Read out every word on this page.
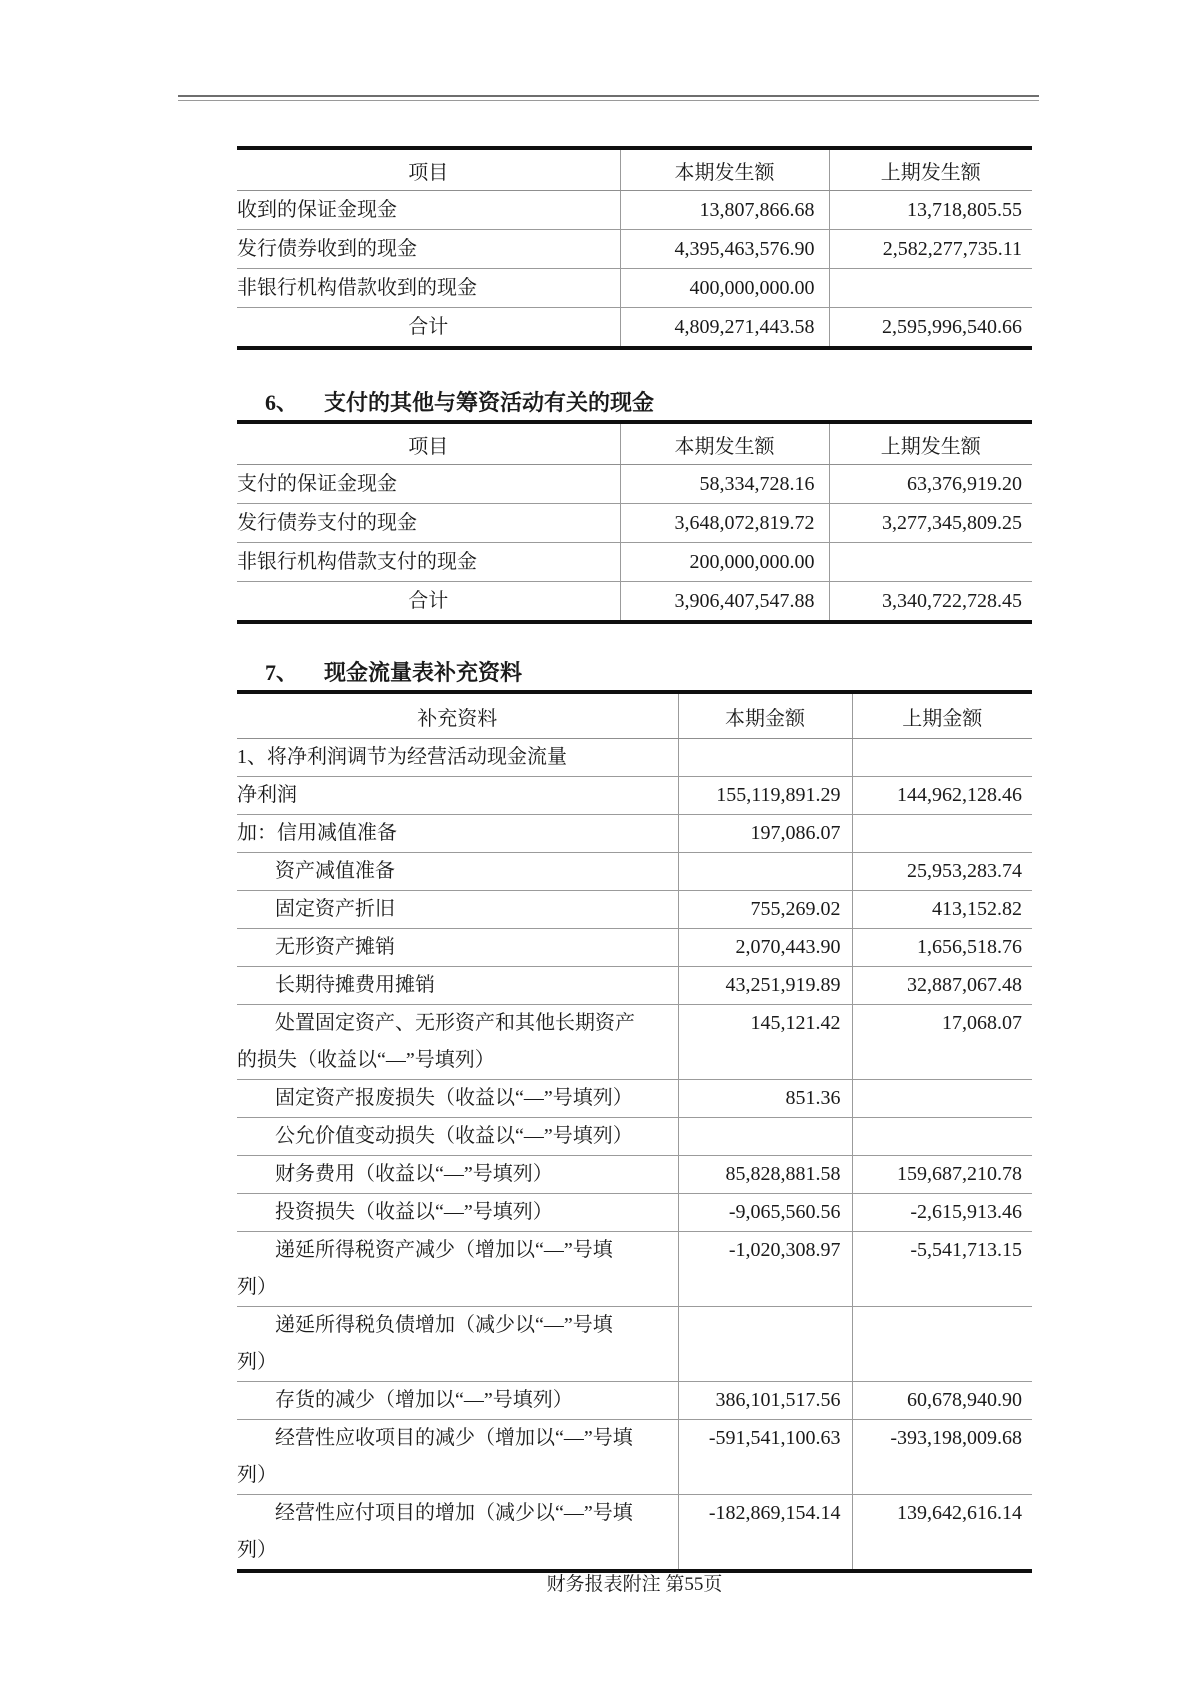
项目	本期发生额	上期发生额

收到的保证金现金	13,807,866.68	13,718,805.55

发行债券收到的现金	4,395,463,576.90	2,582,277,735.11

非银行机构借款收到的现金	400,000,000.00	

合计	4,809,271,443.58	2,595,996,540.66
6、 支付的其他与筹资活动有关的现金
项目	本期发生额	上期发生额

支付的保证金现金	58,334,728.16	63,376,919.20

发行债券支付的现金	3,648,072,819.72	3,277,345,809.25

非银行机构借款支付的现金	200,000,000.00	

合计	3,906,407,547.88	3,340,722,728.45
7、 现金流量表补充资料
补充资料	本期金额	上期金额

1、将净利润调节为经营活动现金流量		

净利润	155,119,891.29	144,962,128.46

加：信用减值准备	197,086.07	

资产减值准备		25,953,283.74

固定资产折旧	755,269.02	413,152.82

无形资产摊销	2,070,443.90	1,656,518.76

长期待摊费用摊销	43,251,919.89	32,887,067.48

处置固定资产、无形资产和其他长期资产
的损失（收益以“—”号填列）	145,121.42	17,068.07

固定资产报废损失（收益以“—”号填列）	851.36	

公允价值变动损失（收益以“—”号填列）		

财务费用（收益以“—”号填列）	85,828,881.58	159,687,210.78

投资损失（收益以“—”号填列）	-9,065,560.56	-2,615,913.46

递延所得税资产减少（增加以“—”号填
列）	-1,020,308.97	-5,541,713.15

递延所得税负债增加（减少以“—”号填
列）		

存货的减少（增加以“—”号填列）	386,101,517.56	60,678,940.90

经营性应收项目的减少（增加以“—”号填
列）	-591,541,100.63	-393,198,009.68

经营性应付项目的增加（减少以“—”号填
列）	-182,869,154.14	139,642,616.14
财务报表附注 第55页
